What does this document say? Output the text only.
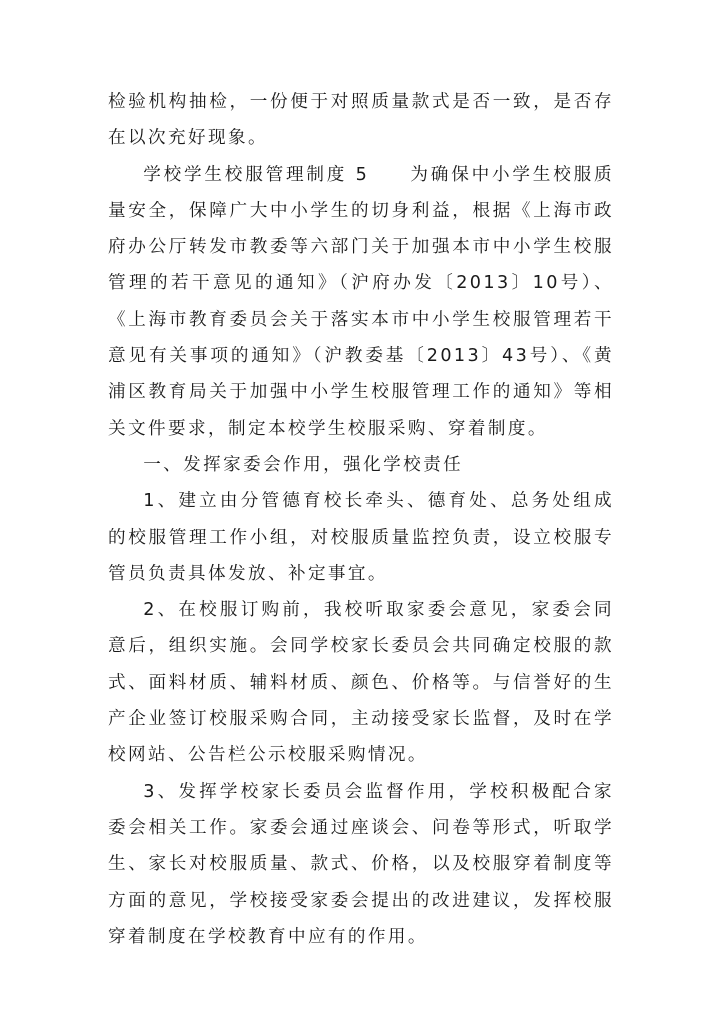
检验机构抽检，一份便于对照质量款式是否一致，是否存在以次充好现象。

学校学生校服管理制度 5　　为确保中小学生校服质量安全，保障广大中小学生的切身利益，根据《上海市政府办公厅转发市教委等六部门关于加强本市中小学生校服管理的若干意见的通知》（沪府办发〔2013〕10号）、《上海市教育委员会关于落实本市中小学生校服管理若干意见有关事项的通知》（沪教委基〔2013〕43号）、《黄浦区教育局关于加强中小学生校服管理工作的通知》等相关文件要求，制定本校学生校服采购、穿着制度。

一、发挥家委会作用，强化学校责任

1、建立由分管德育校长牵头、德育处、总务处组成的校服管理工作小组，对校服质量监控负责，设立校服专管员负责具体发放、补定事宜。

2、在校服订购前，我校听取家委会意见，家委会同意后，组织实施。会同学校家长委员会共同确定校服的款式、面料材质、辅料材质、颜色、价格等。与信誉好的生产企业签订校服采购合同，主动接受家长监督，及时在学校网站、公告栏公示校服采购情况。

3、发挥学校家长委员会监督作用，学校积极配合家委会相关工作。家委会通过座谈会、问卷等形式，听取学生、家长对校服质量、款式、价格，以及校服穿着制度等方面的意见，学校接受家委会提出的改进建议，发挥校服穿着制度在学校教育中应有的作用。
